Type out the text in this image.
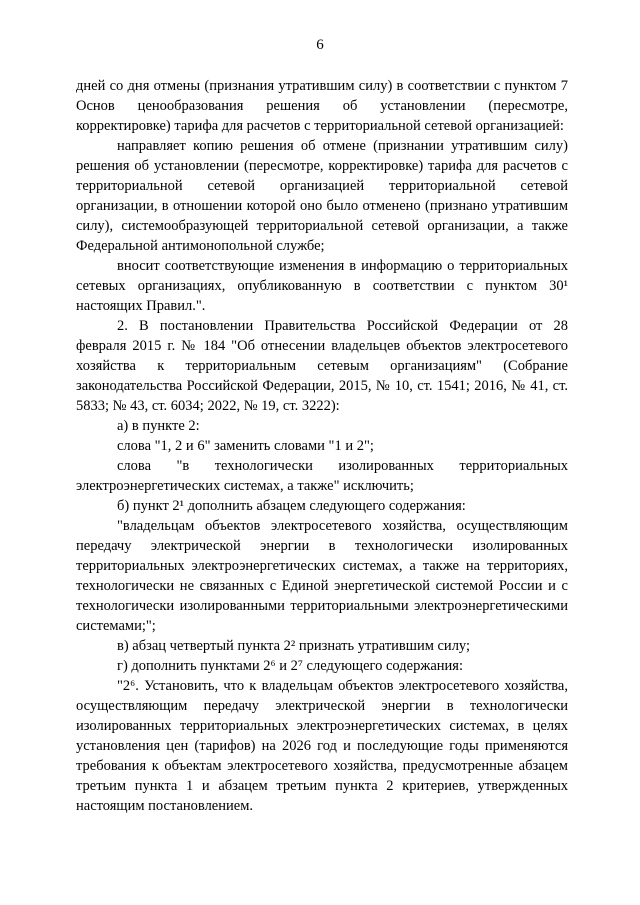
6

дней со дня отмены (признания утратившим силу) в соответствии с пунктом 7 Основ ценообразования решения об установлении (пересмотре, корректировке) тарифа для расчетов с территориальной сетевой организацией:

направляет копию решения об отмене (признании утратившим силу) решения об установлении (пересмотре, корректировке) тарифа для расчетов с территориальной сетевой организацией территориальной сетевой организации, в отношении которой оно было отменено (признано утратившим силу), системообразующей территориальной сетевой организации, а также Федеральной антимонопольной службе;

вносит соответствующие изменения в информацию о территориальных сетевых организациях, опубликованную в соответствии с пунктом 30¹ настоящих Правил.".

2. В постановлении Правительства Российской Федерации от 28 февраля 2015 г. № 184 "Об отнесении владельцев объектов электросетевого хозяйства к территориальным сетевым организациям" (Собрание законодательства Российской Федерации, 2015, № 10, ст. 1541; 2016, № 41, ст. 5833; № 43, ст. 6034; 2022, № 19, ст. 3222):

а) в пункте 2:

слова "1, 2 и 6" заменить словами "1 и 2";

слова "в технологически изолированных территориальных электроэнергетических системах, а также" исключить;

б) пункт 2¹ дополнить абзацем следующего содержания:

"владельцам объектов электросетевого хозяйства, осуществляющим передачу электрической энергии в технологически изолированных территориальных электроэнергетических системах, а также на территориях, технологически не связанных с Единой энергетической системой России и с технологически изолированными территориальными электроэнергетическими системами;";

в) абзац четвертый пункта 2² признать утратившим силу;

г) дополнить пунктами 2⁶ и 2⁷ следующего содержания:

"2⁶. Установить, что к владельцам объектов электросетевого хозяйства, осуществляющим передачу электрической энергии в технологически изолированных территориальных электроэнергетических системах, в целях установления цен (тарифов) на 2026 год и последующие годы применяются требования к объектам электросетевого хозяйства, предусмотренные абзацем третьим пункта 1 и абзацем третьим пункта 2 критериев, утвержденных настоящим постановлением.
